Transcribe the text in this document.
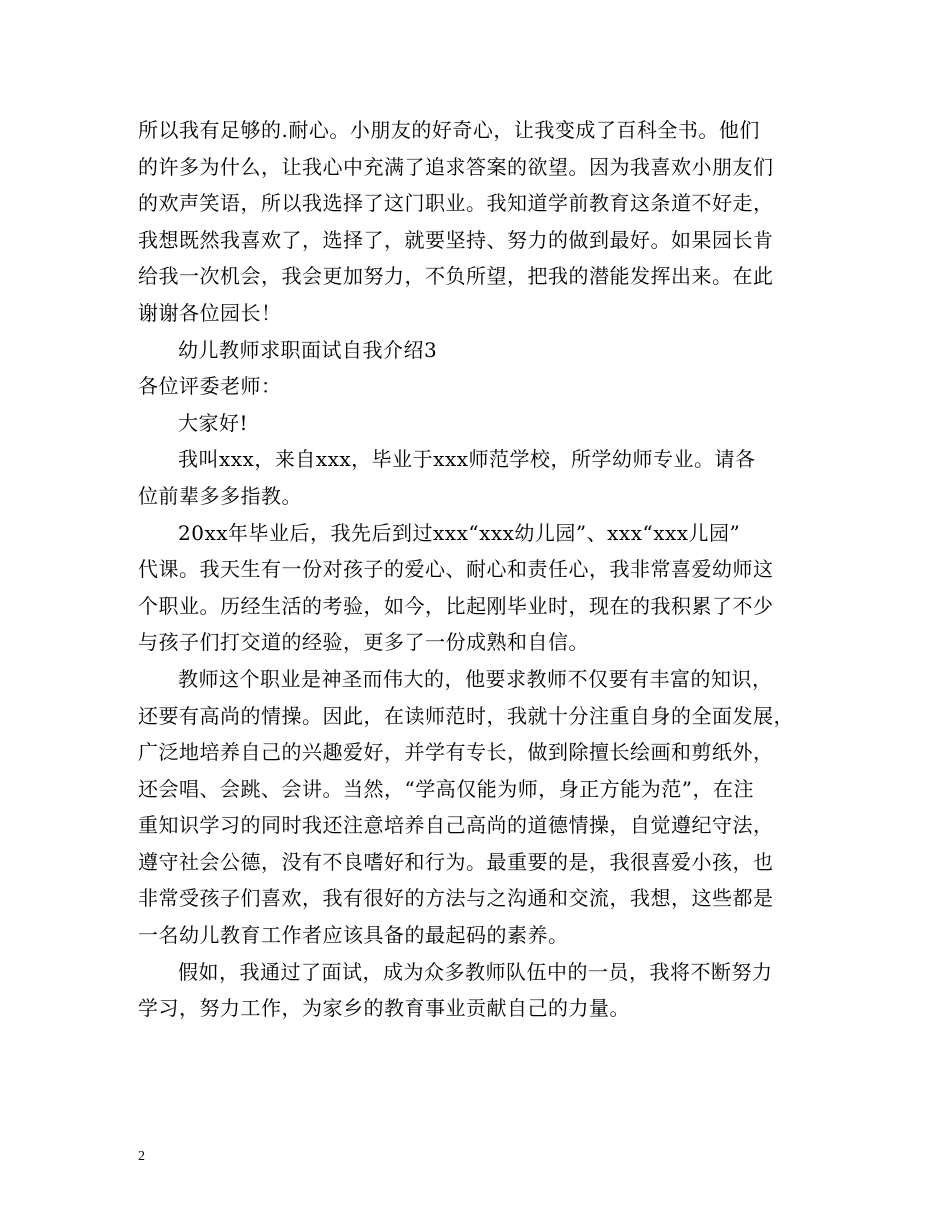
所以我有足够的.耐心。小朋友的好奇心，让我变成了百科全书。他们
的许多为什么，让我心中充满了追求答案的欲望。因为我喜欢小朋友们
的欢声笑语，所以我选择了这门职业。我知道学前教育这条道不好走，
我想既然我喜欢了，选择了，就要坚持、努力的做到最好。如果园长肯
给我一次机会，我会更加努力，不负所望，把我的潜能发挥出来。在此
谢谢各位园长！
幼儿教师求职面试自我介绍3
各位评委老师：
大家好!
我叫xxx，来自xxx，毕业于xxx师范学校，所学幼师专业。请各
位前辈多多指教。
20xx年毕业后，我先后到过xxx“xxx幼儿园”、xxx“xxx儿园”
代课。我天生有一份对孩子的爱心、耐心和责任心，我非常喜爱幼师这
个职业。历经生活的考验，如今，比起刚毕业时，现在的我积累了不少
与孩子们打交道的经验，更多了一份成熟和自信。
教师这个职业是神圣而伟大的，他要求教师不仅要有丰富的知识，
还要有高尚的情操。因此，在读师范时，我就十分注重自身的全面发展，
广泛地培养自己的兴趣爱好，并学有专长，做到除擅长绘画和剪纸外，
还会唱、会跳、会讲。当然，“学高仅能为师，身正方能为范”，在注
重知识学习的同时我还注意培养自己高尚的道德情操，自觉遵纪守法，
遵守社会公德，没有不良嗜好和行为。最重要的是，我很喜爱小孩，也
非常受孩子们喜欢，我有很好的方法与之沟通和交流，我想，这些都是
一名幼儿教育工作者应该具备的最起码的素养。
假如，我通过了面试，成为众多教师队伍中的一员，我将不断努力
学习，努力工作，为家乡的教育事业贡献自己的力量。
2
